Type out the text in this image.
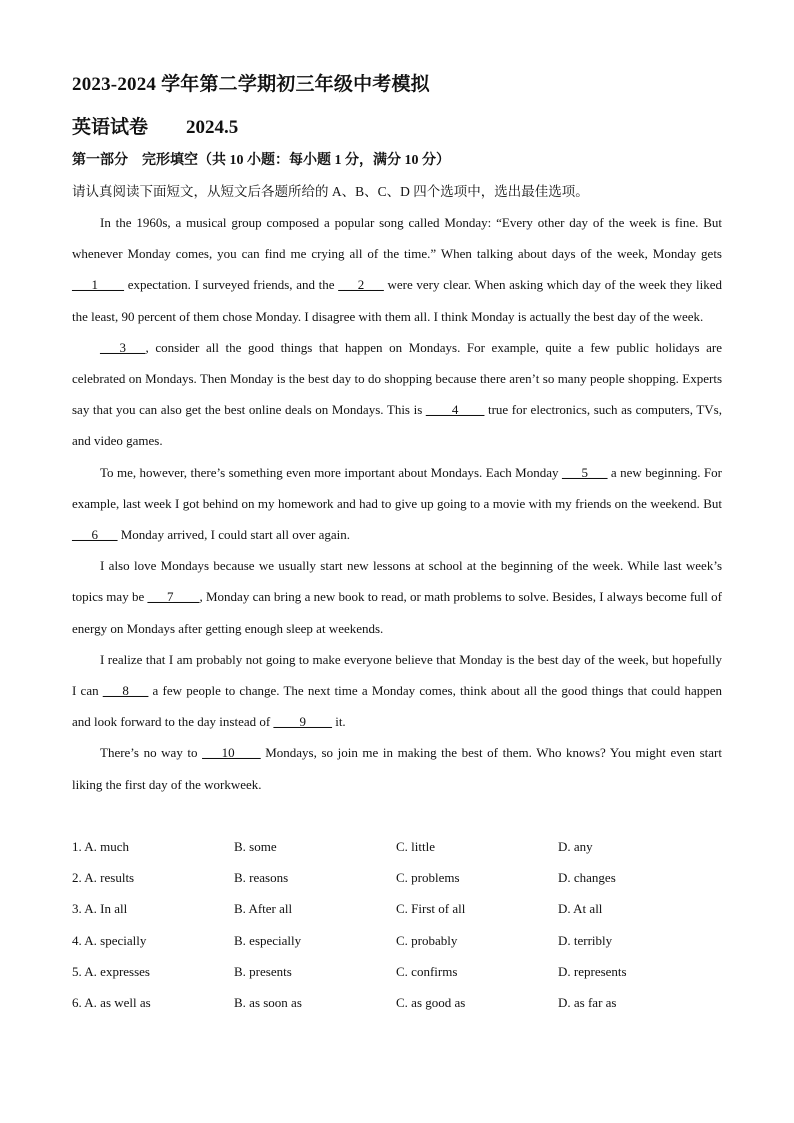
2023-2024 学年第二学期初三年级中考模拟
英语试卷 2024.5
第一部分　完形填空（共 10 小题：每小题 1 分，满分 10 分）
请认真阅读下面短文，从短文后各题所给的 A、B、C、D 四个选项中，选出最佳选项。

In the 1960s, a musical group composed a popular song called Monday: “Every other day of the week is fine. But whenever Monday comes, you can find me crying all of the time.” When talking about days of the week, Monday gets ___1____ expectation. I surveyed friends, and the ___2___ were very clear. When asking which day of the week they liked the least, 90 percent of them chose Monday. I disagree with them all. I think Monday is actually the best day of the week.

___3___, consider all the good things that happen on Mondays. For example, quite a few public holidays are celebrated on Mondays. Then Monday is the best day to do shopping because there aren’t so many people shopping. Experts say that you can also get the best online deals on Mondays. This is ____4____ true for electronics, such as computers, TVs, and video games.

To me, however, there’s something even more important about Mondays. Each Monday ___5___ a new beginning. For example, last week I got behind on my homework and had to give up going to a movie with my friends on the weekend. But ___6___ Monday arrived, I could start all over again.

I also love Mondays because we usually start new lessons at school at the beginning of the week. While last week’s topics may be ___7____, Monday can bring a new book to read, or math problems to solve. Besides, I always become full of energy on Mondays after getting enough sleep at weekends.

I realize that I am probably not going to make everyone believe that Monday is the best day of the week, but hopefully I can ___8___ a few people to change. The next time a Monday comes, think about all the good things that could happen and look forward to the day instead of ____9____ it.

There’s no way to ___10____ Mondays, so join me in making the best of them. Who knows? You might even start liking the first day of the workweek.

1. A. much	B. some	C. little	D. any
2. A. results	B. reasons	C. problems	D. changes
3. A. In all	B. After all	C. First of all	D. At all
4. A. specially	B. especially	C. probably	D. terribly
5. A. expresses	B. presents	C. confirms	D. represents
6. A. as well as	B. as soon as	C. as good as	D. as far as
